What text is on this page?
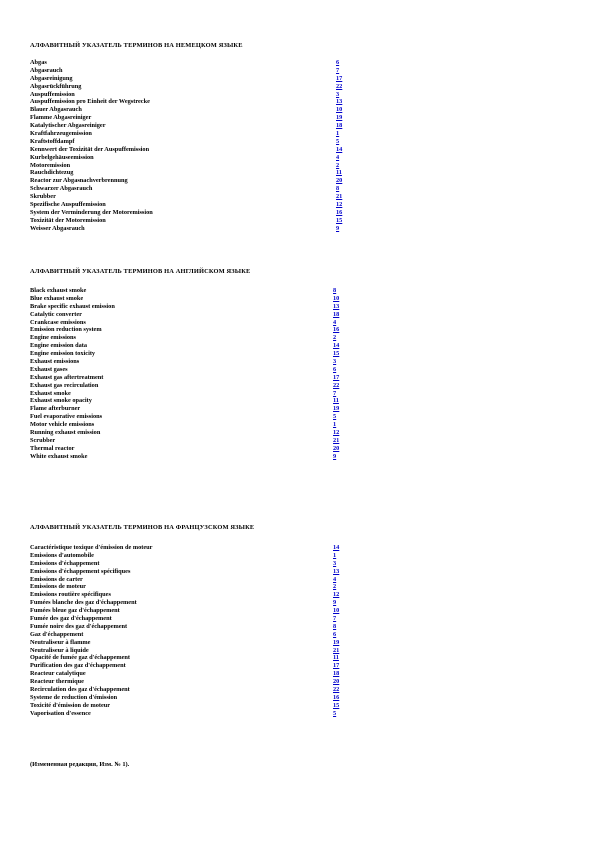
АЛФАВИТНЫЙ УКАЗАТЕЛЬ ТЕРМИНОВ НА НЕМЕЦКОМ ЯЗЫКЕ
Abgas	6
Abgasrauch	7
Abgasreinigung	17
Abgasrückführung	22
Auspuffemission	3
Auspuffemission pro Einheit der Wegstrecke	13
Blauer Abgasrauch	10
Flamme Abgasreiniger	19
Katalytischer Abgasreiniger	18
Kraftfahrzeugemission	1
Kraftstoffdampf	5
Kennwert der Toxizität der Auspuffemission	14
Kurbelgehäuseemission	4
Motoremission	2
Rauchdichtezug	11
Reactor zur Abgasnachverbrennung	20
Schwarzer Abgasrauch	8
Skrubber	21
Spezifische Auspuffemission	12
System der Verminderung der Motoremission	16
Toxizität der Motoremission	15
Weisser Abgasrauch	9
АЛФАВИТНЫЙ УКАЗАТЕЛЬ ТЕРМИНОВ НА АНГЛИЙСКОМ ЯЗЫКЕ
Black exhaust smoke	8
Blue exhaust smoke	10
Brake specific exhaust emission	13
Catalytic converter	18
Crankcase emissions	4
Emission reduction system	16
Engine emissions	2
Engine emission data	14
Engine emission toxicity	15
Exhaust emissions	3
Exhaust gases	6
Exhaust gas aftertreatment	17
Exhaust gas recirculation	22
Exhaust smoke	7
Exhaust smoke opacity	11
Flame afterburner	19
Fuel evaporative emissions	5
Motor vehicle emissions	1
Running exhaust emission	12
Scrubber	21
Thermal reactor	20
White exhaust smoke	9
АЛФАВИТНЫЙ УКАЗАТЕЛЬ ТЕРМИНОВ НА ФРАНЦУЗСКОМ ЯЗЫКЕ
Caractéristique toxique d'émission de moteur	14
Emissions d'automobile	1
Emissions d'échappement	3
Emissions d'échappement spécifiques	13
Emissions de carter	4
Emissions de moteur	2
Emissions routière spécifiques	12
Fumées blanche des gaz d'échappement	9
Fumées bleue gaz d'échappement	10
Fumée des gaz d'échappement	7
Fumée noire des gaz d'échappement	8
Gaz d'échappement	6
Neutraliseur à flamme	19
Neutraliseur à liquide	21
Opacité de fumée gaz d'échappement	11
Purification des gaz d'échappement	17
Reacteur catalytique	18
Reacteur thermique	20
Recirculation des gaz d'échappement	22
Systeme de reduction d'émission	16
Toxicité d'émission de moteur	15
Vaporisation d'essence	5
(Измененная редакция, Изм. № 1).
